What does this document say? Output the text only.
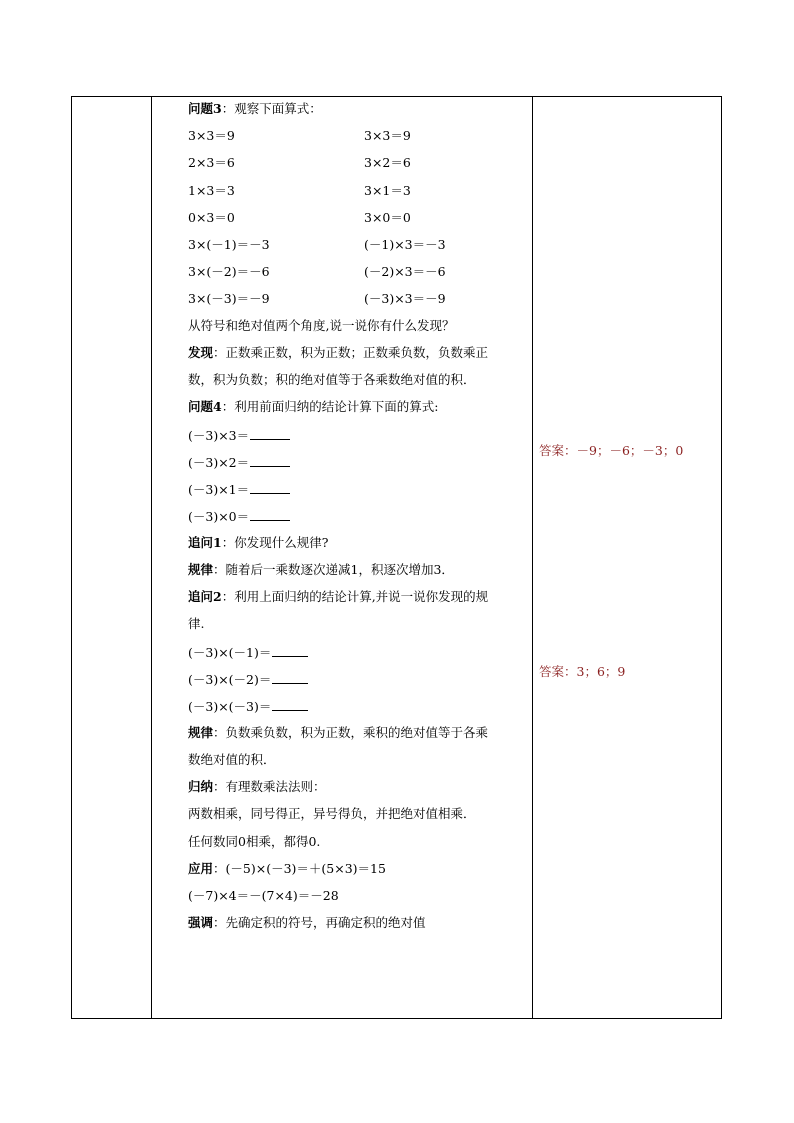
问题3：观察下面算式：
3×3＝9	3×3＝9
2×3＝6	3×2＝6
1×3＝3	3×1＝3
0×3＝0	3×0＝0
3×(－1)＝－3	(－1)×3＝－3
3×(－2)＝－6	(－2)×3＝－6
3×(－3)＝－9	(－3)×3＝－9
从符号和绝对值两个角度,说一说你有什么发现？
发现：正数乘正数，积为正数；正数乘负数，负数乘正
数，积为负数；积的绝对值等于各乘数绝对值的积．
问题4：利用前面归纳的结论计算下面的算式:
(－3)×3＝
(－3)×2＝
(－3)×1＝
(－3)×0＝
追问1：你发现什么规律?
规律：随着后一乘数逐次递减1，积逐次增加3．
追问2：利用上面归纳的结论计算,并说一说你发现的规
律.
(－3)×(－1)＝
(－3)×(－2)＝
(－3)×(－3)＝
规律：负数乘负数，积为正数，乘积的绝对值等于各乘
数绝对值的积．
归纳：有理数乘法法则：
两数相乘，同号得正，异号得负，并把绝对值相乘．
任何数同0相乘，都得0.
应用：(－5)×(－3)＝＋(5×3)＝15
(－7)×4＝－(7×4)＝－28
强调：先确定积的符号，再确定积的绝对值
答案：－9；－6；－3；0
答案：3；6；9
